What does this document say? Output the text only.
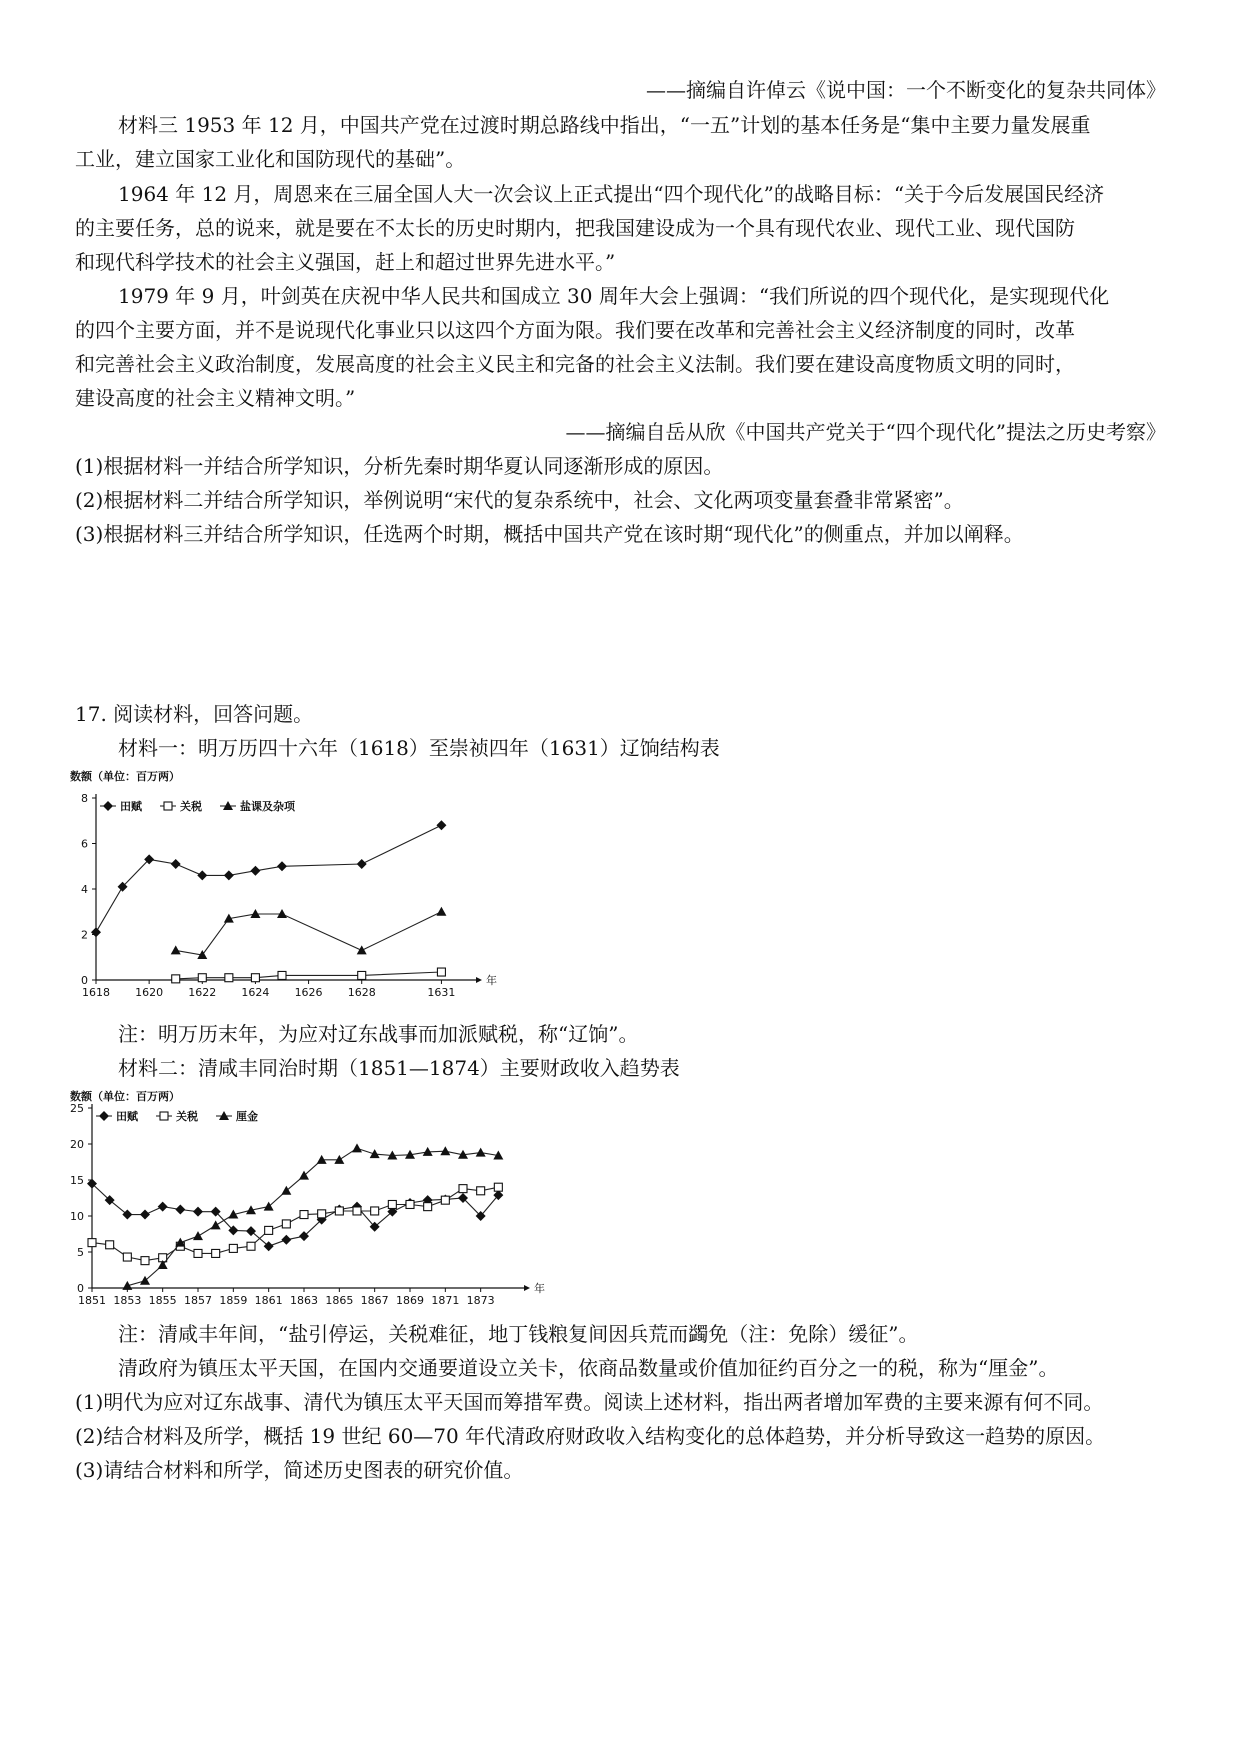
——摘编自许倬云《说中国：一个不断变化的复杂共同体》
材料三 1953 年 12 月，中国共产党在过渡时期总路线中指出，“一五”计划的基本任务是“集中主要力量发展重
工业，建立国家工业化和国防现代的基础”。
1964 年 12 月，周恩来在三届全国人大一次会议上正式提出“四个现代化”的战略目标：“关于今后发展国民经济
的主要任务，总的说来，就是要在不太长的历史时期内，把我国建设成为一个具有现代农业、现代工业、现代国防
和现代科学技术的社会主义强国，赶上和超过世界先进水平。”
1979 年 9 月，叶剑英在庆祝中华人民共和国成立 30 周年大会上强调：“我们所说的四个现代化，是实现现代化
的四个主要方面，并不是说现代化事业只以这四个方面为限。我们要在改革和完善社会主义经济制度的同时，改革
和完善社会主义政治制度，发展高度的社会主义民主和完备的社会主义法制。我们要在建设高度物质文明的同时，
建设高度的社会主义精神文明。”
——摘编自岳从欣《中国共产党关于“四个现代化”提法之历史考察》
(1)根据材料一并结合所学知识，分析先秦时期华夏认同逐渐形成的原因。
(2)根据材料二并结合所学知识，举例说明“宋代的复杂系统中，社会、文化两项变量套叠非常紧密”。
(3)根据材料三并结合所学知识，任选两个时期，概括中国共产党在该时期“现代化”的侧重点，并加以阐释。
17. 阅读材料，回答问题。
材料一：明万历四十六年（1618）至崇祯四年（1631）辽饷结构表
数额（单位：百万两）
年
0
2
4
6
8
1618 1620 1622 1624 1626 1628	1631
田赋	关税	盐课及杂项
注：明万历末年，为应对辽东战事而加派赋税，称“辽饷”。
材料二：清咸丰同治时期（1851—1874）主要财政收入趋势表
数额（单位：百万两）
年
0
5
10
15
20
25
1851 1853 1855 1857 1859 1861 1863 1865 1867 1869 1871 1873
田赋	关税	厘金
注：清咸丰年间，“盐引停运，关税难征，地丁钱粮复间因兵荒而蠲免（注：免除）缓征”。
清政府为镇压太平天国，在国内交通要道设立关卡，依商品数量或价值加征约百分之一的税，称为“厘金”。
(1)明代为应对辽东战事、清代为镇压太平天国而筹措军费。阅读上述材料，指出两者增加军费的主要来源有何不同。
(2)结合材料及所学，概括 19 世纪 60—70 年代清政府财政收入结构变化的总体趋势，并分析导致这一趋势的原因。
(3)请结合材料和所学，简述历史图表的研究价值。
